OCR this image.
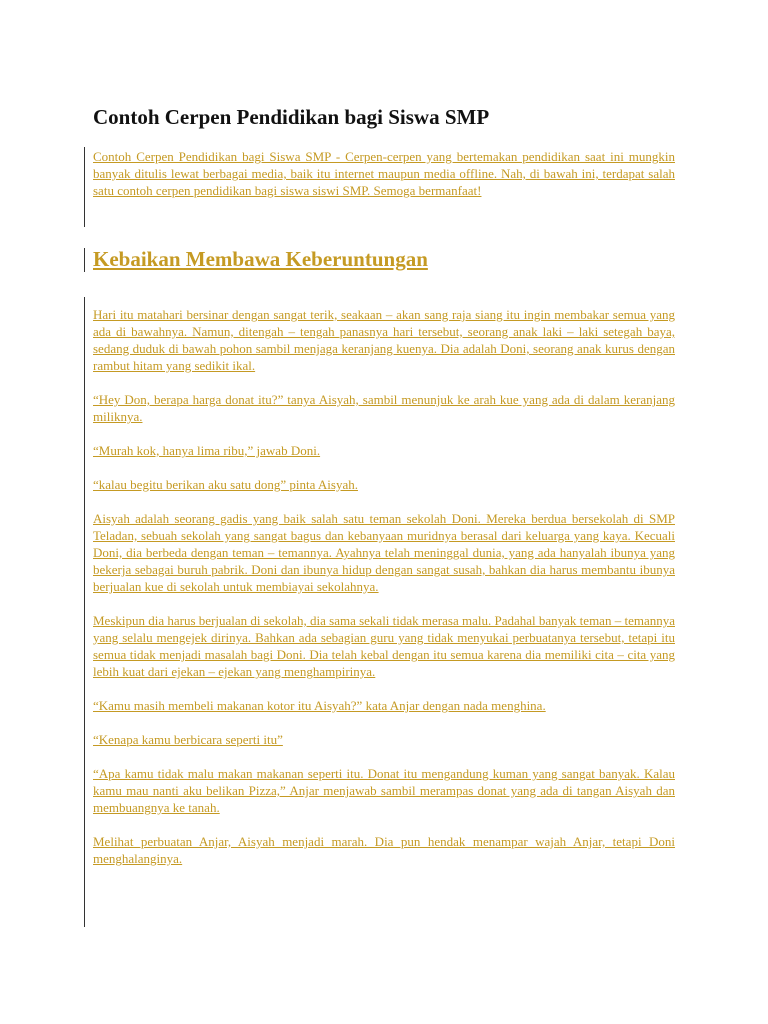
Contoh Cerpen Pendidikan bagi Siswa SMP

Contoh Cerpen Pendidikan bagi Siswa SMP - Cerpen-cerpen yang bertemakan pendidikan saat ini mungkin banyak ditulis lewat berbagai media, baik itu internet maupun media offline. Nah, di bawah ini, terdapat salah satu contoh cerpen pendidikan bagi siswa siswi SMP. Semoga bermanfaat!

Kebaikan Membawa Keberuntungan

Hari itu matahari bersinar dengan sangat terik, seakaan – akan sang raja siang itu ingin membakar semua yang ada di bawahnya. Namun, ditengah – tengah panasnya hari tersebut, seorang anak laki – laki setegah baya, sedang duduk di bawah pohon sambil menjaga keranjang kuenya. Dia adalah Doni, seorang anak kurus dengan rambut hitam yang sedikit ikal.

“Hey Don, berapa harga donat itu?” tanya Aisyah, sambil menunjuk ke arah kue yang ada di dalam keranjang miliknya.

“Murah kok, hanya lima ribu,” jawab Doni.

“kalau begitu berikan aku satu dong” pinta Aisyah.

Aisyah adalah seorang gadis yang baik salah satu teman sekolah Doni. Mereka berdua bersekolah di SMP Teladan, sebuah sekolah yang sangat bagus dan kebanyaan muridnya berasal dari keluarga yang kaya. Kecuali Doni, dia berbeda dengan teman – temannya. Ayahnya telah meninggal dunia, yang ada hanyalah ibunya yang bekerja sebagai buruh pabrik. Doni dan ibunya hidup dengan sangat susah, bahkan dia harus membantu ibunya berjualan kue di sekolah untuk membiayai sekolahnya.

Meskipun dia harus berjualan di sekolah, dia sama sekali tidak merasa malu. Padahal banyak teman – temannya yang selalu mengejek dirinya. Bahkan ada sebagian guru yang tidak menyukai perbuatanya tersebut, tetapi itu semua tidak menjadi masalah bagi Doni. Dia telah kebal dengan itu semua karena dia memiliki cita – cita yang lebih kuat dari ejekan – ejekan yang menghampirinya.

“Kamu masih membeli makanan kotor itu Aisyah?” kata Anjar dengan nada menghina.

“Kenapa kamu berbicara seperti itu”

“Apa kamu tidak malu makan makanan seperti itu. Donat itu mengandung kuman yang sangat banyak. Kalau kamu mau nanti aku belikan Pizza,” Anjar menjawab sambil merampas donat yang ada di tangan Aisyah dan membuangnya ke tanah.

Melihat perbuatan Anjar, Aisyah menjadi marah. Dia pun hendak menampar wajah Anjar, tetapi Doni menghalanginya.
